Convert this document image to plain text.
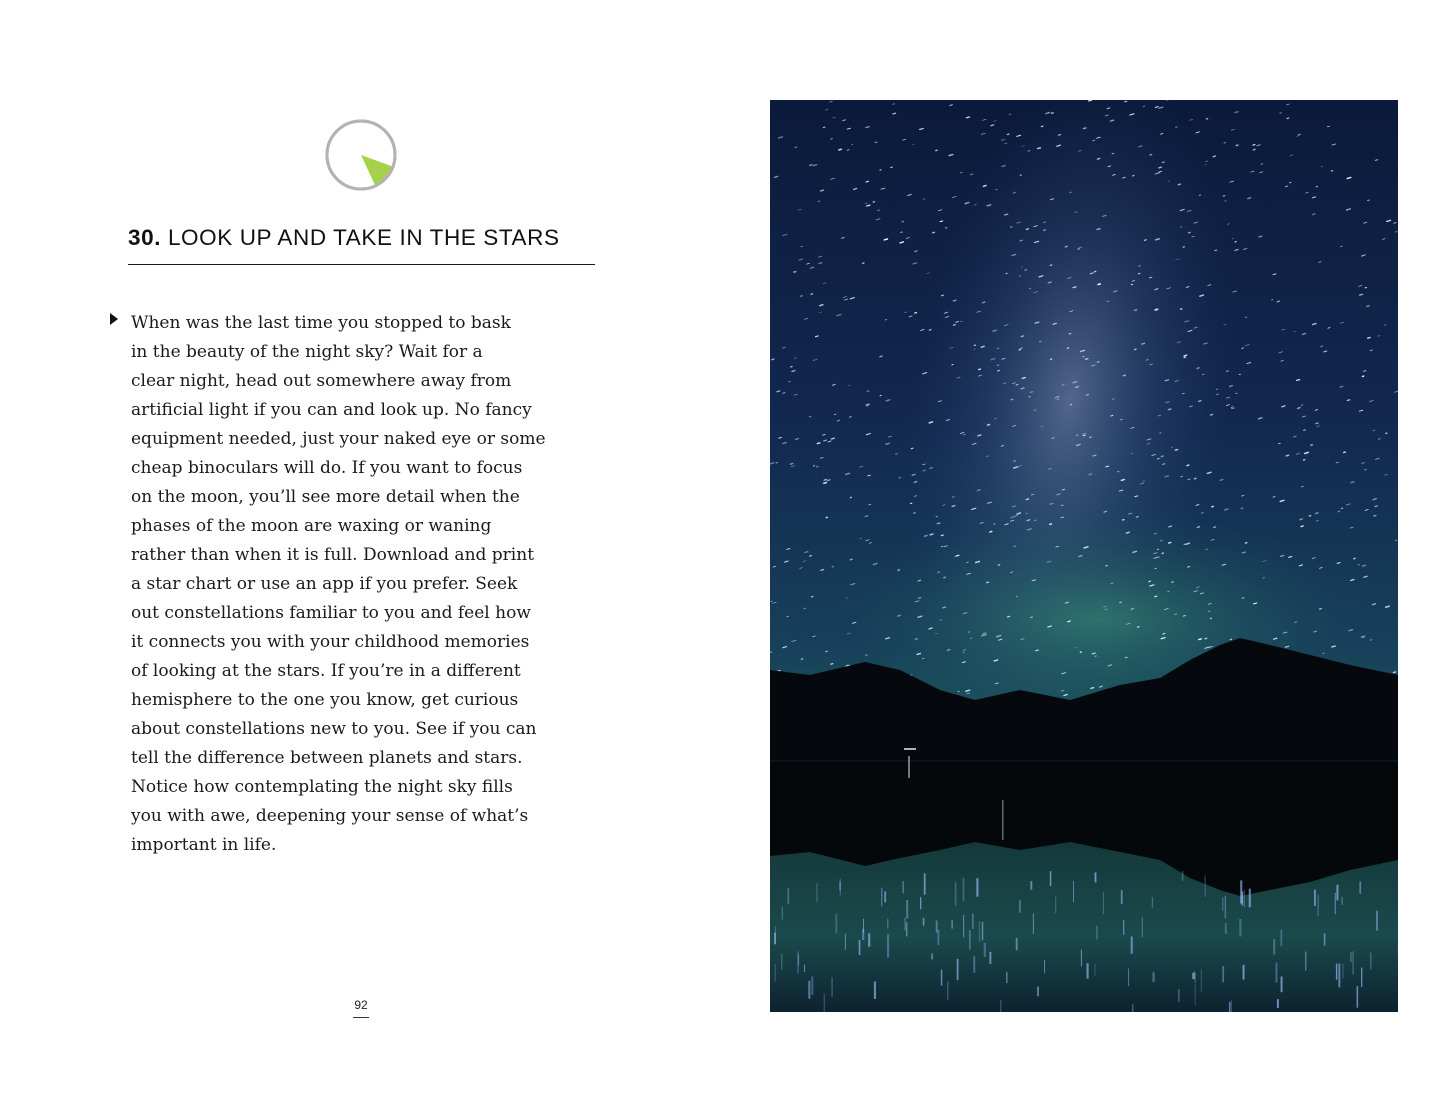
30. LOOK UP AND TAKE IN THE STARS

When was the last time you stopped to bask
in the beauty of the night sky? Wait for a
clear night, head out somewhere away from
artificial light if you can and look up. No fancy
equipment needed, just your naked eye or some
cheap binoculars will do. If you want to focus
on the moon, you’ll see more detail when the
phases of the moon are waxing or waning
rather than when it is full. Download and print
a star chart or use an app if you prefer. Seek
out constellations familiar to you and feel how
it connects you with your childhood memories
of looking at the stars. If you’re in a different
hemisphere to the one you know, get curious
about constellations new to you. See if you can
tell the difference between planets and stars.
Notice how contemplating the night sky fills
you with awe, deepening your sense of what’s
important in life.

92
